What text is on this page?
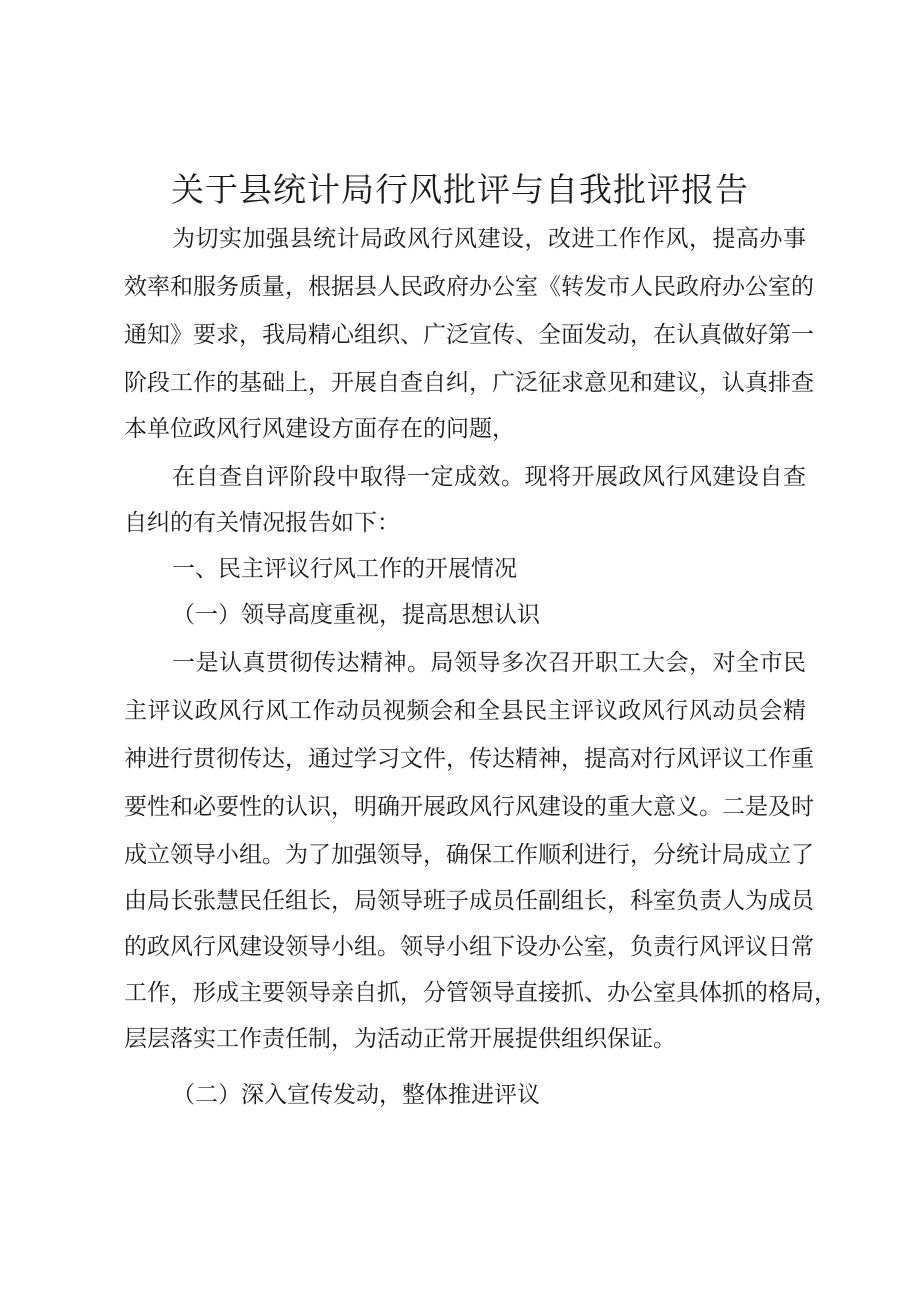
关于县统计局行风批评与自我批评报告
为切实加强县统计局政风行风建设，改进工作作风，提高办事
效率和服务质量，根据县人民政府办公室《转发市人民政府办公室的
通知》要求，我局精心组织、广泛宣传、全面发动，在认真做好第一
阶段工作的基础上，开展自查自纠，广泛征求意见和建议，认真排查
本单位政风行风建设方面存在的问题，
在自查自评阶段中取得一定成效。现将开展政风行风建设自查
自纠的有关情况报告如下：
一、民主评议行风工作的开展情况
（一）领导高度重视，提高思想认识
一是认真贯彻传达精神。局领导多次召开职工大会，对全市民
主评议政风行风工作动员视频会和全县民主评议政风行风动员会精
神进行贯彻传达，通过学习文件，传达精神，提高对行风评议工作重
要性和必要性的认识，明确开展政风行风建设的重大意义。二是及时
成立领导小组。为了加强领导，确保工作顺利进行，分统计局成立了
由局长张慧民任组长，局领导班子成员任副组长，科室负责人为成员
的政风行风建设领导小组。领导小组下设办公室，负责行风评议日常
工作，形成主要领导亲自抓，分管领导直接抓、办公室具体抓的格局，
层层落实工作责任制，为活动正常开展提供组织保证。
（二）深入宣传发动，整体推进评议
